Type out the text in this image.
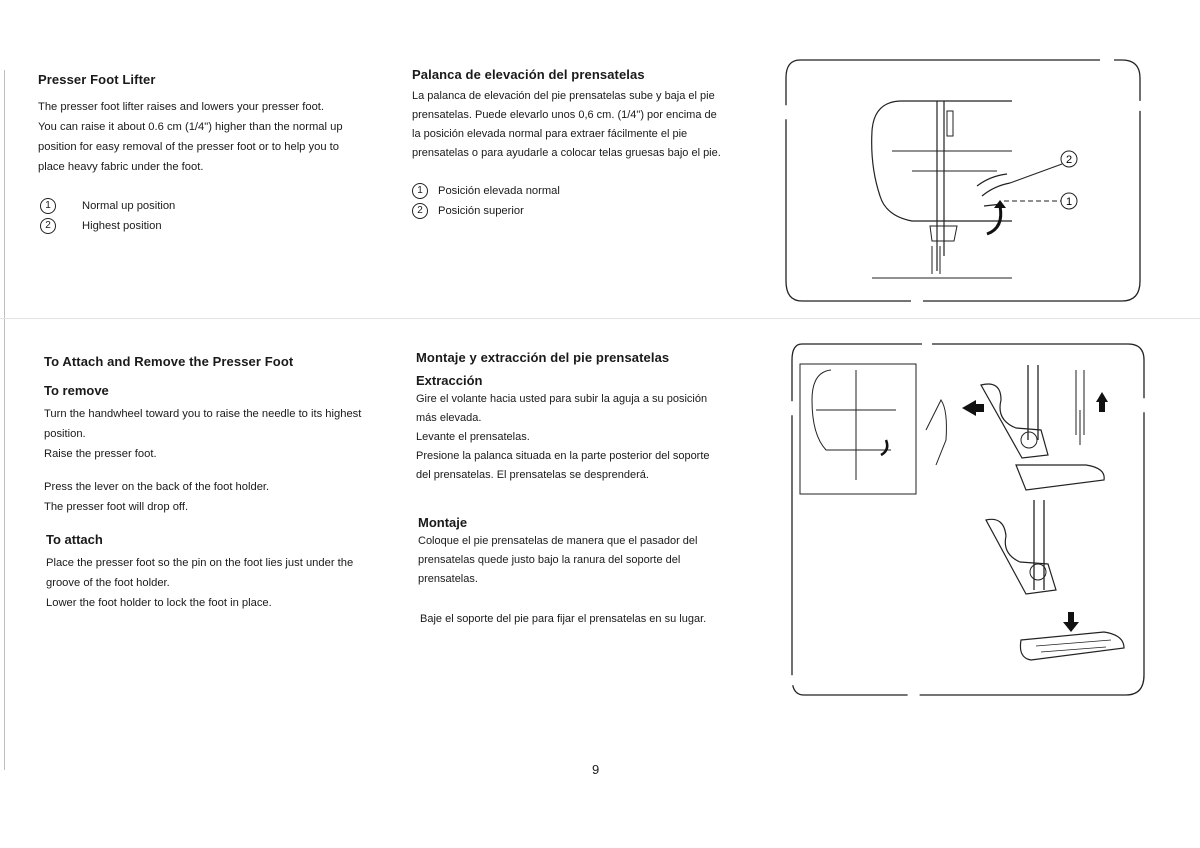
Presser Foot Lifter

The presser foot lifter raises and lowers your presser foot.

You can raise it about 0.6 cm (1/4") higher than the normal up

position for easy removal of the presser foot or to help you to

place heavy fabric under the foot.

1	Normal up position
2	Highest position
Palanca de elevación del prensatelas

La palanca de elevación del pie prensatelas sube y baja el pie

prensatelas. Puede elevarlo unos 0,6 cm. (1/4") por encima de

la posición elevada normal para extraer fácilmente el pie

prensatelas o para ayudarle a colocar telas gruesas bajo el pie.

1	Posición elevada normal
2	Posición superior
2
1
To Attach and Remove the Presser Foot
To remove

Turn the handwheel toward you to raise the needle to its highest

position.

Raise the presser foot.

Press the lever on the back of the foot holder.

The presser foot will drop off.

To attach

Place the presser foot so the pin on the foot lies just under the

groove of the foot holder.

Lower the foot holder to lock the foot in place.

Montaje y extracción del pie prensatelas
Extracción

Gire el volante hacia usted para subir la aguja a su posición

más elevada.

Levante el prensatelas.

Presione la palanca situada en la parte posterior del soporte

del prensatelas. El prensatelas se desprenderá.

Montaje

Coloque el pie prensatelas de manera que el pasador del

prensatelas quede justo bajo la ranura del soporte del

prensatelas.

Baje el soporte del pie para fijar el prensatelas en su lugar.
9
